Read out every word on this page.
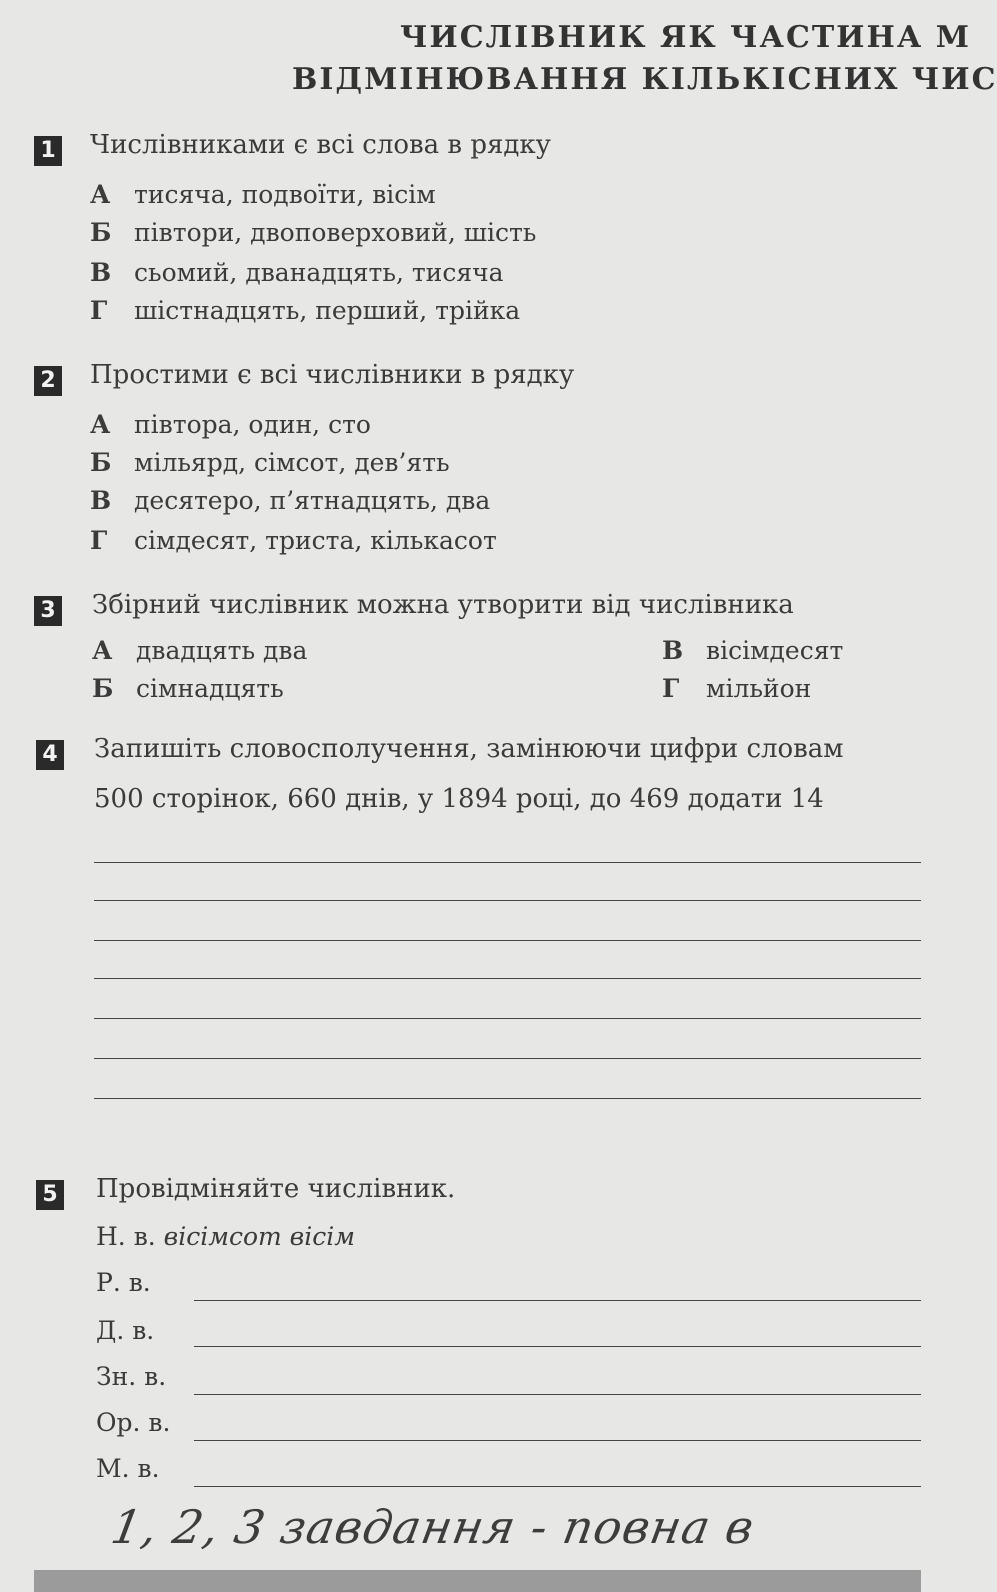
ЧИСЛІВНИК ЯК ЧАСТИНА М
ВІДМІНЮВАННЯ КІЛЬКІСНИХ ЧИС
1 Числівниками є всі слова в рядку
А тисяча, подвоїти, вісім
Б півтори, двоповерховий, шість
В сьомий, дванадцять, тисяча
Г шістнадцять, перший, трійка
2 Простими є всі числівники в рядку
А півтора, один, сто
Б мільярд, сімсот, дев’ять
В десятеро, п’ятнадцять, два
Г сімдесят, триста, кількасот
3 Збірний числівник можна утворити від числівника
А двадцять два
Б сімнадцять
В вісімдесят
Г мільйон
4 Запишіть словосполучення, замінюючи цифри словам
500 сторінок, 660 днів, у 1894 році, до 469 додати 14
5 Провідміняйте числівник.
Н. в. вісімсот вісім
Р. в.
Д. в.
Зн. в.
Ор. в.
М. в.
1, 2, 3 завдання - повна в
